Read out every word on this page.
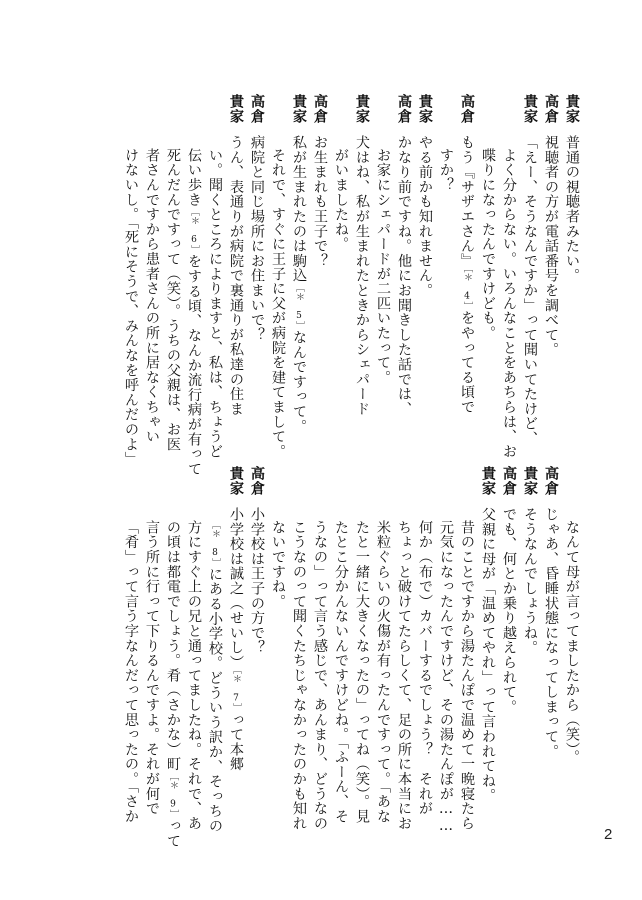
貴家普通の視聴者みたい。
高倉視聴者の方が電話番号を調べて。
貴家「えー、そうなんですか」って聞いてたけど、
よく分からない。いろんなことをあちらは、お
喋りになったんですけども。
高倉もう『サザエさん』［＊ 4］をやってる頃で
すか？
貴家やる前かも知れません。
高倉かなり前ですね。他にお聞きした話では、
お家にシェパードが二匹いたって。
貴家犬はね、私が生まれたときからシェパード
がいましたね。
高倉お生まれも王子で？
貴家私が生まれたのは駒込［＊ 5］なんですって。
それで、すぐに王子に父が病院を建てまして。
高倉病院と同じ場所にお住まいで？
貴家うん、表通りが病院で裏通りが私達の住ま
い。聞くところによりますと、私は、ちょうど
伝い歩き［＊ 6］をする頃、なんか流行病が有って
死んだんですって（笑）。うちの父親は、お医
者さんですから患者さんの所に居なくちゃい
けないし。「死にそうで、みんなを呼んだのよ」
なんて母が言ってましたから（笑）。
高倉じゃあ、昏睡状態になってしまって。
貴家そうなんでしょうね。
高倉でも、何とか乗り越えられて。
貴家父親に母が「温めてやれ」って言われてね。
昔のことですから湯たんぽで温めて一晩寝たら
元気になったんですけど、その湯たんぽが……
何か（布で）カバーするでしょう？　それが
ちょっと破けてたらしくて、足の所に本当にお
米粒ぐらいの火傷が有ったんですって。「あな
たと一緒に大きくなったの」ってね（笑）。見
たとこ分かんないんですけどね。「ふーん、そ
うなの」って言う感じで、あんまり、どうなの
こうなのって聞くたちじゃなかったのかも知れ
ないですね。
高倉小学校は王子の方で？
貴家小学校は誠之（せいし）［＊ 7］って本郷
［＊ 8］にある小学校。どういう訳か、そっちの
方にすぐ上の兄と通ってましたね。それで、あ
の頃は都電でしょう。肴（さかな）町［＊ 9］って
言う所に行って下りるんですよ。それが何で
「肴」って言う字なんだって思ったの。「さか
2
